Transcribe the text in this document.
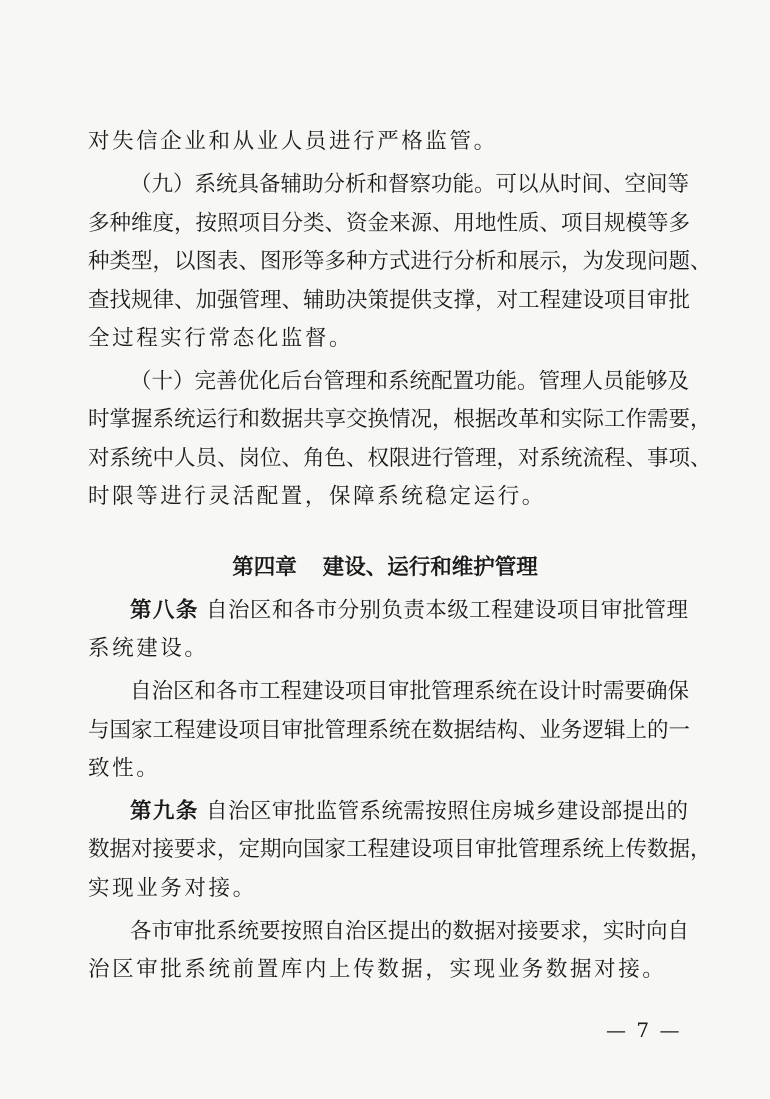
对失信企业和从业人员进行严格监管。
（九）系统具备辅助分析和督察功能。可以从时间、空间等
多种维度，按照项目分类、资金来源、用地性质、项目规模等多
种类型，以图表、图形等多种方式进行分析和展示，为发现问题、
查找规律、加强管理、辅助决策提供支撑，对工程建设项目审批
全过程实行常态化监督。
（十）完善优化后台管理和系统配置功能。管理人员能够及
时掌握系统运行和数据共享交换情况，根据改革和实际工作需要，
对系统中人员、岗位、角色、权限进行管理，对系统流程、事项、
时限等进行灵活配置，保障系统稳定运行。
第四章 建设、运行和维护管理
第八条 自治区和各市分别负责本级工程建设项目审批管理
系统建设。
自治区和各市工程建设项目审批管理系统在设计时需要确保
与国家工程建设项目审批管理系统在数据结构、业务逻辑上的一
致性。
第九条 自治区审批监管系统需按照住房城乡建设部提出的
数据对接要求，定期向国家工程建设项目审批管理系统上传数据，
实现业务对接。
各市审批系统要按照自治区提出的数据对接要求，实时向自
治区审批系统前置库内上传数据，实现业务数据对接。
— 7 —
